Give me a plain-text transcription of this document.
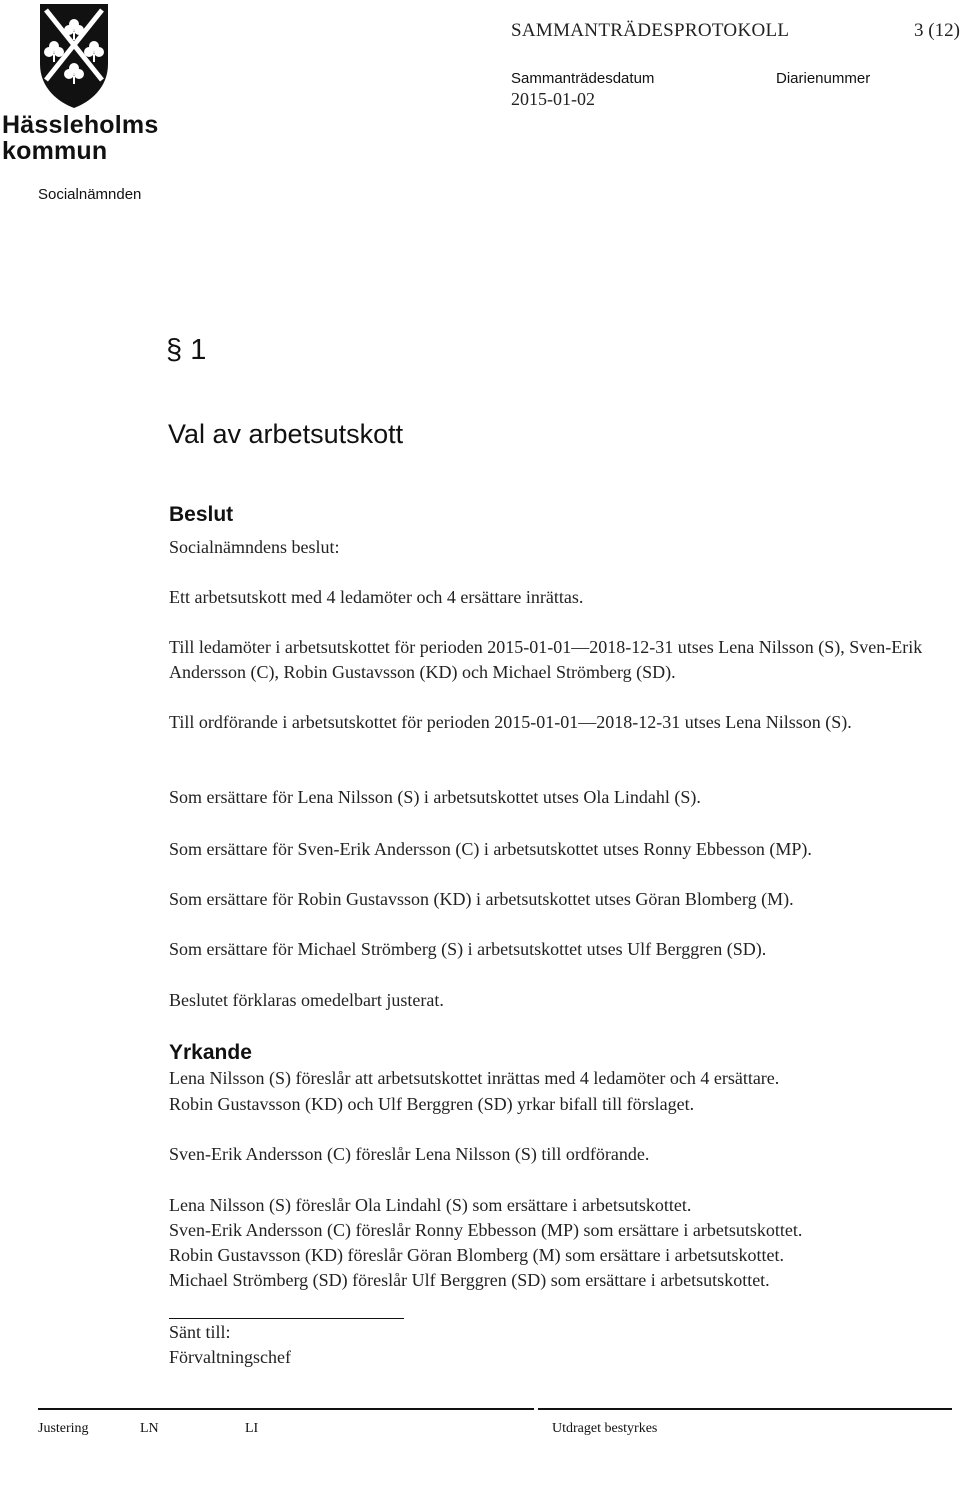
Hässleholms
kommun
SAMMANTRÄDESPROTOKOLL	3 (12)
Sammanträdesdatum	Diarienummer
2015-01-02
Socialnämnden
§ 1
Val av arbetsutskott
Beslut
Socialnämndens beslut:
Ett arbetsutskott med 4 ledamöter och 4 ersättare inrättas.
Till ledamöter i arbetsutskottet för perioden 2015-01-01—2018-12-31 utses Lena Nilsson (S), Sven-Erik Andersson (C), Robin Gustavsson (KD) och Michael Strömberg (SD).
Till ordförande i arbetsutskottet för perioden 2015-01-01—2018-12-31 utses Lena Nilsson (S).
Som ersättare för Lena Nilsson (S) i arbetsutskottet utses Ola Lindahl (S).
Som ersättare för Sven-Erik Andersson (C) i arbetsutskottet utses Ronny Ebbesson (MP).
Som ersättare för Robin Gustavsson (KD) i arbetsutskottet utses Göran Blomberg (M).
Som ersättare för Michael Strömberg (S) i arbetsutskottet utses Ulf Berggren (SD).
Beslutet förklaras omedelbart justerat.
Yrkande
Lena Nilsson (S) föreslår att arbetsutskottet inrättas med 4 ledamöter och 4 ersättare.
Robin Gustavsson (KD) och Ulf Berggren (SD) yrkar bifall till förslaget.
Sven-Erik Andersson (C) föreslår Lena Nilsson (S) till ordförande.
Lena Nilsson (S) föreslår Ola Lindahl (S) som ersättare i arbetsutskottet.
Sven-Erik Andersson (C) föreslår Ronny Ebbesson (MP) som ersättare i arbetsutskottet.
Robin Gustavsson (KD) föreslår Göran Blomberg (M) som ersättare i arbetsutskottet.
Michael Strömberg (SD) föreslår Ulf Berggren (SD) som ersättare i arbetsutskottet.
Sänt till:
Förvaltningschef
Justering	LN	LI	Utdraget bestyrkes
